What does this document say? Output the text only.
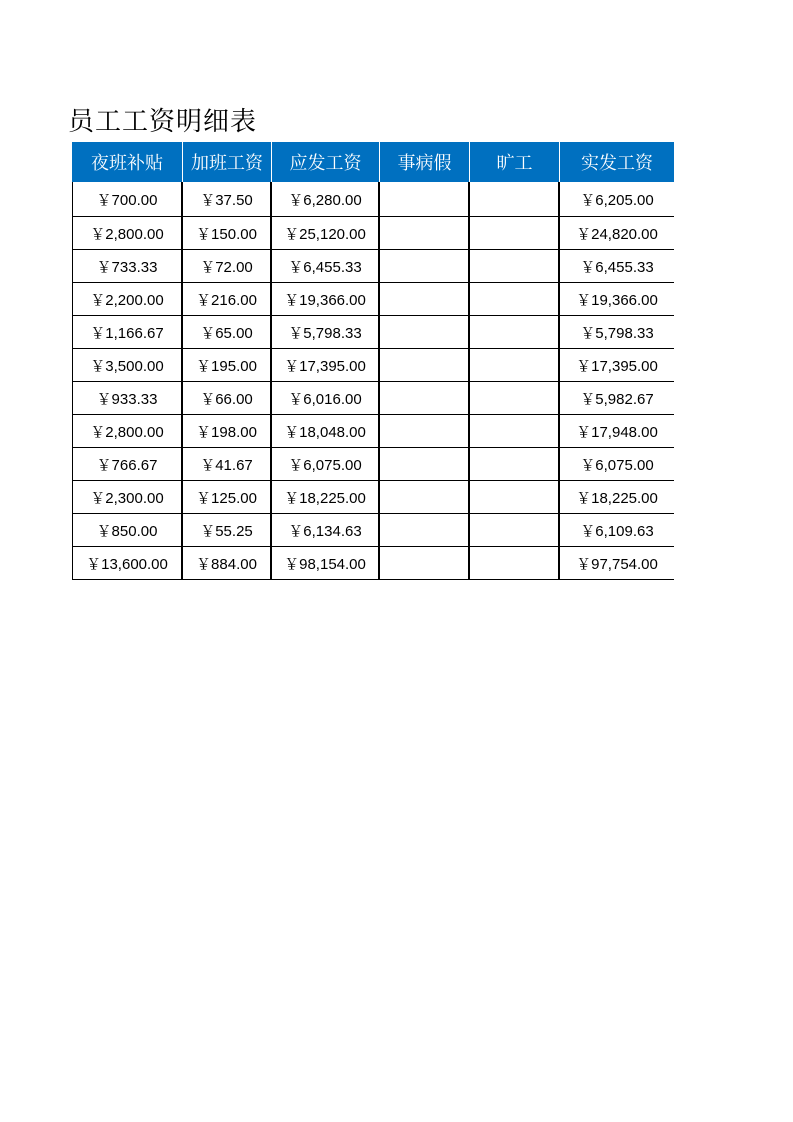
员工工资明细表
夜班补贴	加班工资	应发工资	事病假	旷工	实发工资
￥700.00	￥37.50	￥6,280.00			￥6,205.00
￥2,800.00	￥150.00	￥25,120.00			￥24,820.00
￥733.33	￥72.00	￥6,455.33			￥6,455.33
￥2,200.00	￥216.00	￥19,366.00			￥19,366.00
￥1,166.67	￥65.00	￥5,798.33			￥5,798.33
￥3,500.00	￥195.00	￥17,395.00			￥17,395.00
￥933.33	￥66.00	￥6,016.00			￥5,982.67
￥2,800.00	￥198.00	￥18,048.00			￥17,948.00
￥766.67	￥41.67	￥6,075.00			￥6,075.00
￥2,300.00	￥125.00	￥18,225.00			￥18,225.00
￥850.00	￥55.25	￥6,134.63			￥6,109.63
￥13,600.00	￥884.00	￥98,154.00			￥97,754.00
